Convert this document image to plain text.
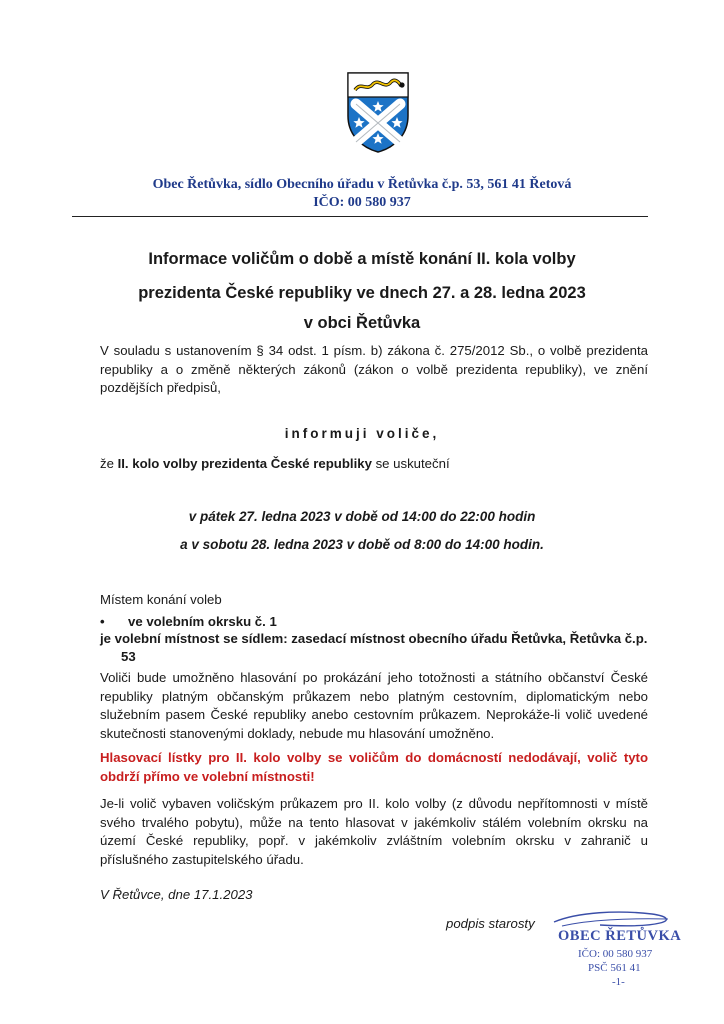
Obec Řetůvka, sídlo Obecního úřadu v Řetůvka č.p. 53, 561 41 Řetová
IČO: 00 580 937
Informace voličům o době a místě konání II. kola volby
prezidenta České republiky ve dnech 27. a 28. ledna 2023
v obci Řetůvka
V souladu s ustanovením § 34 odst. 1 písm. b) zákona č. 275/2012 Sb., o volbě prezidenta republiky a o změně některých zákonů (zákon o volbě prezidenta republiky), ve znění pozdějších předpisů,
informuji voliče,
že II. kolo volby prezidenta České republiky se uskuteční
v pátek 27. ledna 2023 v době od 14:00 do 22:00 hodin
a v sobotu 28. ledna 2023 v době od 8:00 do 14:00 hodin.
Místem konání voleb
• ve volebním okrsku č. 1
je volební místnost se sídlem: zasedací místnost obecního úřadu Řetůvka, Řetůvka č.p.
53
Voliči bude umožněno hlasování po prokázání jeho totožnosti a státního občanství České republiky platným občanským průkazem nebo platným cestovním, diplomatickým nebo služebním pasem České republiky anebo cestovním průkazem. Neprokáže-li volič uvedené skutečnosti stanovenými doklady, nebude mu hlasování umožněno.
Hlasovací lístky pro II. kolo volby se voličům do domácností nedodávají, volič tyto obdrží přímo ve volební místnosti!
Je-li volič vybaven voličským průkazem pro II. kolo volby (z důvodu nepřítomnosti v místě svého trvalého pobytu), může na tento hlasovat v jakémkoliv stálém volebním okrsku na území České republiky, popř. v jakémkoliv zvláštním volebním okrsku v zahranič u příslušného zastupitelského úřadu.
V Řetůvce, dne 17.1.2023
podpis starosty
OBEC ŘETŮVKA
IČO: 00 580 937
PSČ 561 41
-1-
